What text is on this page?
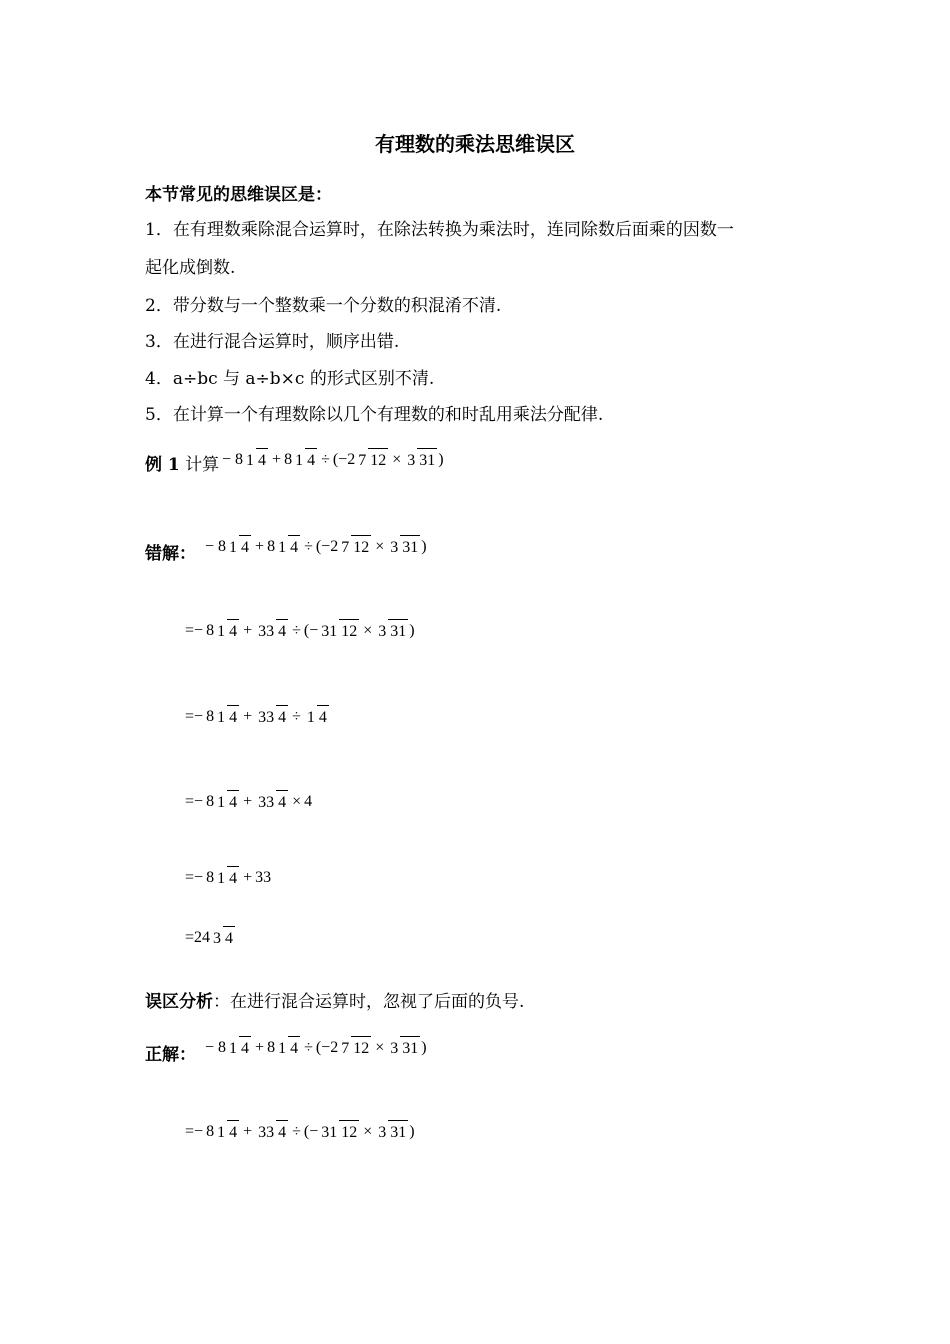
有理数的乘法思维误区
本节常见的思维误区是：
1．在有理数乘除混合运算时，在除法转换为乘法时，连同除数后面乘的因数一
起化成倒数.
2．带分数与一个整数乘一个分数的积混淆不清.
3．在进行混合运算时，顺序出错.
4．a÷bc 与 a÷b×c 的形式区别不清.
5．在计算一个有理数除以几个有理数的和时乱用乘法分配律.
例 1 计算 − 8 1 4 + 8 1 4 ÷ ( −2 7 12 × 3 31 )
错解： − 8 1 4 + 8 1 4 ÷ ( −2 7 12 × 3 31 )
= − 8 1 4 + 33 4 ÷ ( − 31 12 × 3 31 )
= − 8 1 4 + 33 4 ÷ 1 4
= − 8 1 4 + 33 4 × 4
= − 8 1 4 + 33
= 24 3 4
误区分析：在进行混合运算时，忽视了后面的负号.
正解： − 8 1 4 + 8 1 4 ÷ ( −2 7 12 × 3 31 )
= − 8 1 4 + 33 4 ÷ ( − 31 12 × 3 31 )
